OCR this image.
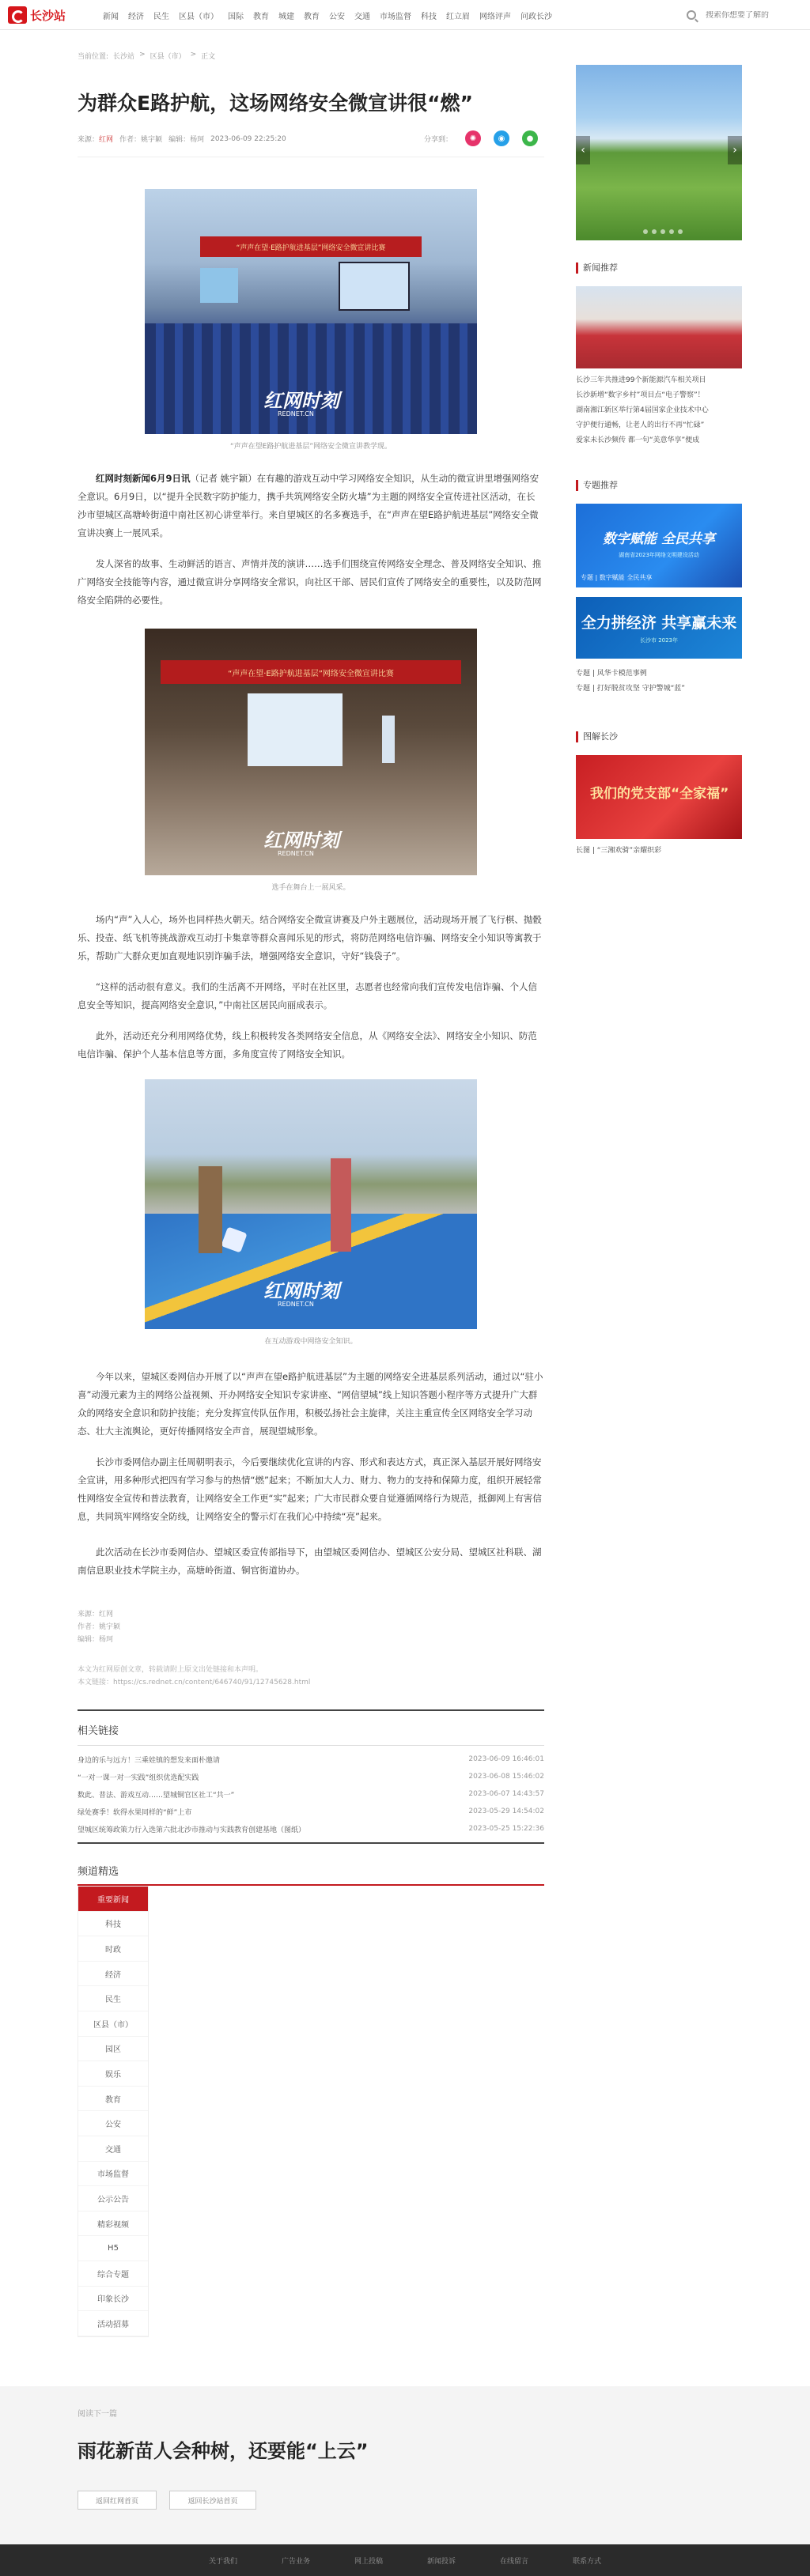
长沙站	新闻	经济	民生	区县（市）	国际	教育	城建	教育	公安	交通	市场监督	科技	红立眉	网络评声	问政长沙
搜索你想要了解的
当前位置: 长沙站 > 区县（市） > 正文
为群众E路护航，这场网络安全微宣讲很“燃”
来源： 红网 作者： 姚宇颖 编辑： 杨珂 2023-06-09 22:25:20	分享到：	✺	◉	●
“声声在望·E路护航进基层”网络安全微宣讲比赛
红网时刻
REDNET.CN
“声声在望E路护航进基层”网络安全微宣讲教学现。

红网时刻新闻6月9日讯（记者 姚宇颖）在有趣的游戏互动中学习网络安全知识，从生动的微宣讲里增强网络安全意识。6月9日，以“提升全民数字防护能力，携手共筑网络安全防火墙”为主题的网络安全宣传进社区活动，在长沙市望城区高塘岭街道中南社区初心讲堂举行。来自望城区的名多赛选手，在“声声在望E路护航进基层”网络安全微宣讲决赛上一展风采。

发人深省的故事、生动鲜活的语言、声情并茂的演讲……选手们围绕宣传网络安全理念、普及网络安全知识、推广网络安全技能等内容，通过微宣讲分享网络安全常识，向社区干部、居民们宣传了网络安全的重要性，以及防范网络安全陷阱的必要性。

“声声在望·E路护航进基层”网络安全微宣讲比赛
红网时刻
REDNET.CN
选手在舞台上一展风采。

场内“声”入人心，场外也同样热火朝天。结合网络安全微宣讲赛及户外主题展位，活动现场开展了飞行棋、抛骰乐、投壶、纸飞机等挑战游戏互动打卡集章等群众喜闻乐见的形式，将防范网络电信诈骗、网络安全小知识等寓教于乐，帮助广大群众更加直观地识别诈骗手法，增强网络安全意识，守好“钱袋子”。

“这样的活动很有意义。我们的生活离不开网络，平时在社区里，志愿者也经常向我们宣传发电信诈骗、个人信息安全等知识，提高网络安全意识，”中南社区居民向丽成表示。

此外，活动还充分利用网络优势，线上积极转发各类网络安全信息，从《网络安全法》、网络安全小知识、防范电信诈骗、保护个人基本信息等方面，多角度宣传了网络安全知识。

红网时刻
REDNET.CN
在互动游戏中网络安全知识。

今年以来，望城区委网信办开展了以“声声在望e路护航进基层”为主题的网络安全进基层系列活动，通过以“驻小喜”动漫元素为主的网络公益视频、开办网络安全知识专家讲座、“网信望城”线上知识答题小程序等方式提升广大群众的网络安全意识和防护技能；充分发挥宣传队伍作用，积极弘扬社会主旋律，关注主重宣传全区网络安全学习动态、壮大主流舆论，更好传播网络安全声音，展现望城形象。

长沙市委网信办副主任周朝明表示，今后要继续优化宣讲的内容、形式和表达方式，真正深入基层开展好网络安全宣讲，用多种形式把四有学习参与的热情“燃”起来；不断加大人力、财力、物力的支持和保障力度，组织开展轻常性网络安全宣传和普法教育，让网络安全工作更“实”起来；广大市民群众要自觉遵循网络行为规范，抵御网上有害信息，共同筑牢网络安全防线，让网络安全的警示灯在我们心中持续“亮”起来。

此次活动在长沙市委网信办、望城区委宣传部指导下，由望城区委网信办、望城区公安分局、望城区社科联、湖南信息职业技术学院主办，高塘岭街道、铜官街道协办。

来源：红网
作者：姚宇颖
编辑：杨珂
本文为红网原创文章，转载请附上原文出处链接和本声明。
本文链接：https://cs.rednet.cn/content/646740/91/12745628.html
相关链接
身边的乐与远方！三乘娃镇的想发来面朴邀请	2023-06-09 16:46:01
“一对一课一对一实践”组织优选配实践	2023-06-08 15:46:02
数此、普法、游戏互动……望城铜官区社工“共一”	2023-06-07 14:43:57
绿处赛季！软得水果同样的“鲜”上市	2023-05-29 14:54:02
望城区统筹政策力行入选第六批北沙市推动与实践教育创建基地（图纸）	2023-05-25 15:22:36
频道精选
重要新闻
科技
时政
经济
民生
区县（市）
园区
娱乐
教育
公安
交通
市场监督
公示公告
精彩视频
H5
综合专题
印象长沙
活动招募
‹	›
新闻推荐
长沙三年共推进99个新能源汽车相关项目
长沙新增“数字乡村”项目点“电子警察”！
湖南湘江新区举行第4届国家企业技术中心
守护便行通畅，让老人的出行不再“忙碌”
爱家未长沙频传 都一句“美意华享”便成
专题推荐
数字赋能 全民共享
湖南省2023年网络文明建设活动
专题 | 数字赋能 全民共享
全力拼经济 共享赢未来
长沙市 2023年
专题 | 风华卡模范事例
专题 | 打好脱贫攻坚 守护警城“蓝”
图解长沙
我们的党支部“全家福”
长图 | “三湘欢骑”亲耀织彩
阅读下一篇
雨花新苗人会种树，还要能“上云”
返回红网首页	返回长沙站首页
关于我们	广告业务	网上投稿	新闻投诉	在线留言	联系方式
